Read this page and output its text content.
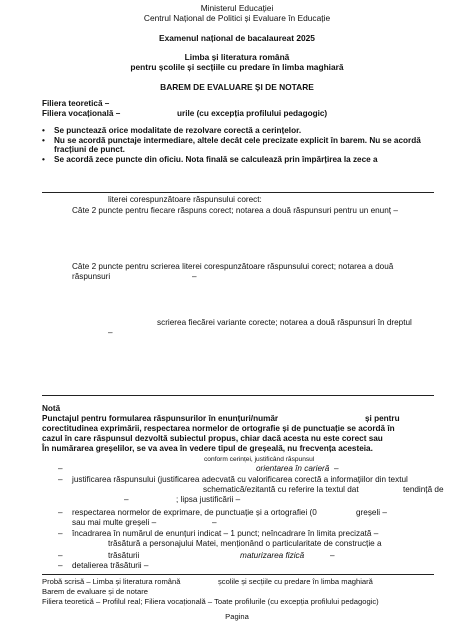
Ministerul Educației
Centrul Național de Politici și Evaluare în Educație
Examenul național de bacalaureat 2025
Limba și literatura română
pentru școlile și secțiile cu predare în limba maghiară
BAREM DE EVALUARE ȘI DE NOTARE
Filiera teoretică –
Filiera vocațională –	urile (cu excepția profilului pedagogic)
• Se punctează orice modalitate de rezolvare corectă a cerințelor.
• Nu se acordă punctaje intermediare, altele decât cele precizate explicit în barem. Nu se acordă fracțiuni de punct.
• Se acordă zece puncte din oficiu. Nota finală se calculează prin împărțirea la zece a
literei corespunzătoare răspunsului corect:
Câte 2 puncte pentru fiecare răspuns corect; notarea a două răspunsuri pentru un enunț –
Câte 2 puncte pentru scrierea literei corespunzătoare răspunsului corect; notarea a două
răspunsuri	–
scrierea fiecărei variante corecte; notarea a două răspunsuri în dreptul
–
Notă
Punctajul pentru formularea răspunsurilor în enunțuri/număr	și pentru
corectitudinea exprimării, respectarea normelor de ortografie și de punctuație se acordă în
cazul în care răspunsul dezvoltă subiectul propus, chiar dacă acesta nu este corect sau
În numărarea greșelilor, se va avea în vedere tipul de greșeală, nu frecvența acesteia.
conform cerinței, justificând răspunsul
–	orientarea în carieră –
– justificarea răspunsului (justificarea adecvată cu valorificarea corectă a informațiilor din textul
schematică/ezitantă cu referire la textul dat	tendință de
–	; lipsa justificării –
– respectarea normelor de exprimare, de punctuație și a ortografiei (0	greșeli –
sau mai multe greșeli –	–
– încadrarea în numărul de enunțuri indicat – 1 punct; neîncadrare în limita precizată –
trăsătură a personajului Matei, menționând o particularitate de construcție a
–	trăsăturii	maturizarea fizică	–
– detalierea trăsăturii –
Probă scrisă – Limba și literatura română	școlile și secțiile cu predare în limba maghiară
Barem de evaluare și de notare
Filiera teoretică – Profilul real; Filiera vocațională – Toate profilurile (cu excepția profilului pedagogic)
Pagina
